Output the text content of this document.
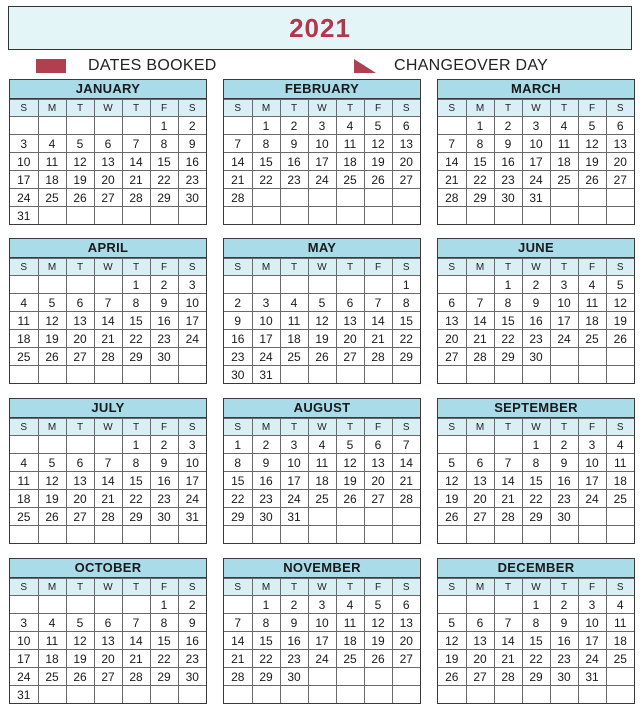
2021
DATES BOOKED	CHANGEOVER DAY
JANUARY
S	M	T	W	T	F	S
					1	2
3	4	5	6	7	8	9
10	11	12	13	14	15	16
17	18	19	20	21	22	23
24	25	26	27	28	29	30
31						
FEBRUARY
S	M	T	W	T	F	S
	1	2	3	4	5	6
7	8	9	10	11	12	13
14	15	16	17	18	19	20
21	22	23	24	25	26	27
28						

MARCH
S	M	T	W	T	F	S
	1	2	3	4	5	6
7	8	9	10	11	12	13
14	15	16	17	18	19	20
21	22	23	24	25	26	27
28	29	30	31			

APRIL
S	M	T	W	T	F	S
				1	2	3
4	5	6	7	8	9	10
11	12	13	14	15	16	17
18	19	20	21	22	23	24
25	26	27	28	29	30	

MAY
S	M	T	W	T	F	S
						1
2	3	4	5	6	7	8
9	10	11	12	13	14	15
16	17	18	19	20	21	22
23	24	25	26	27	28	29
30	31					
JUNE
S	M	T	W	T	F	S
		1	2	3	4	5
6	7	8	9	10	11	12
13	14	15	16	17	18	19
20	21	22	23	24	25	26
27	28	29	30			

JULY
S	M	T	W	T	F	S
				1	2	3
4	5	6	7	8	9	10
11	12	13	14	15	16	17
18	19	20	21	22	23	24
25	26	27	28	29	30	31

AUGUST
S	M	T	W	T	F	S
1	2	3	4	5	6	7
8	9	10	11	12	13	14
15	16	17	18	19	20	21
22	23	24	25	26	27	28
29	30	31				

SEPTEMBER
S	M	T	W	T	F	S
			1	2	3	4
5	6	7	8	9	10	11
12	13	14	15	16	17	18
19	20	21	22	23	24	25
26	27	28	29	30		

OCTOBER
S	M	T	W	T	F	S
					1	2
3	4	5	6	7	8	9
10	11	12	13	14	15	16
17	18	19	20	21	22	23
24	25	26	27	28	29	30
31						
NOVEMBER
S	M	T	W	T	F	S
	1	2	3	4	5	6
7	8	9	10	11	12	13
14	15	16	17	18	19	20
21	22	23	24	25	26	27
28	29	30				

DECEMBER
S	M	T	W	T	F	S
			1	2	3	4
5	6	7	8	9	10	11
12	13	14	15	16	17	18
19	20	21	22	23	24	25
26	27	28	29	30	31	
